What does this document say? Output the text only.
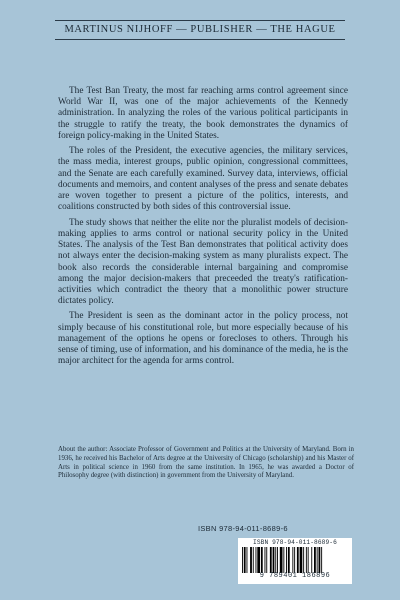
MARTINUS NIJHOFF — PUBLISHER — THE HAGUE

The Test Ban Treaty, the most far reaching arms control agreement since World War II, was one of the major achievements of the Kennedy administration. In analyzing the roles of the various political participants in the struggle to ratify the treaty, the book demonstrates the dynamics of foreign policy-making in the United States.

The roles of the President, the executive agencies, the military services, the mass media, interest groups, public opinion, congressional committees, and the Senate are each carefully examined. Survey data, interviews, official documents and memoirs, and content analyses of the press and senate debates are woven together to present a picture of the politics, interests, and coalitions constructed by both sides of this controversial issue.

The study shows that neither the elite nor the pluralist models of decision-making applies to arms control or national security policy in the United States. The analysis of the Test Ban demonstrates that political activity does not always enter the decision-making system as many pluralists expect. The book also records the considerable internal bargaining and compromise among the major decision-makers that preceeded the treaty's ratification-activities which contradict the theory that a monolithic power structure dictates policy.

The President is seen as the dominant actor in the policy process, not simply because of his constitutional role, but more especially because of his management of the options he opens or forecloses to others. Through his sense of timing, use of information, and his dominance of the media, he is the major architect for the agenda for arms control.

About the author: Associate Professor of Government and Politics at the University of Maryland. Born in 1936, he received his Bachelor of Arts degree at the University of Chicago (scholarship) and his Master of Arts in political science in 1960 from the same institution. In 1965, he was awarded a Doctor of Philosophy degree (with distinction) in government from the University of Maryland.

ISBN 978-94-011-8689-6
ISBN 978-94-011-8689-6
9 789401 186896
